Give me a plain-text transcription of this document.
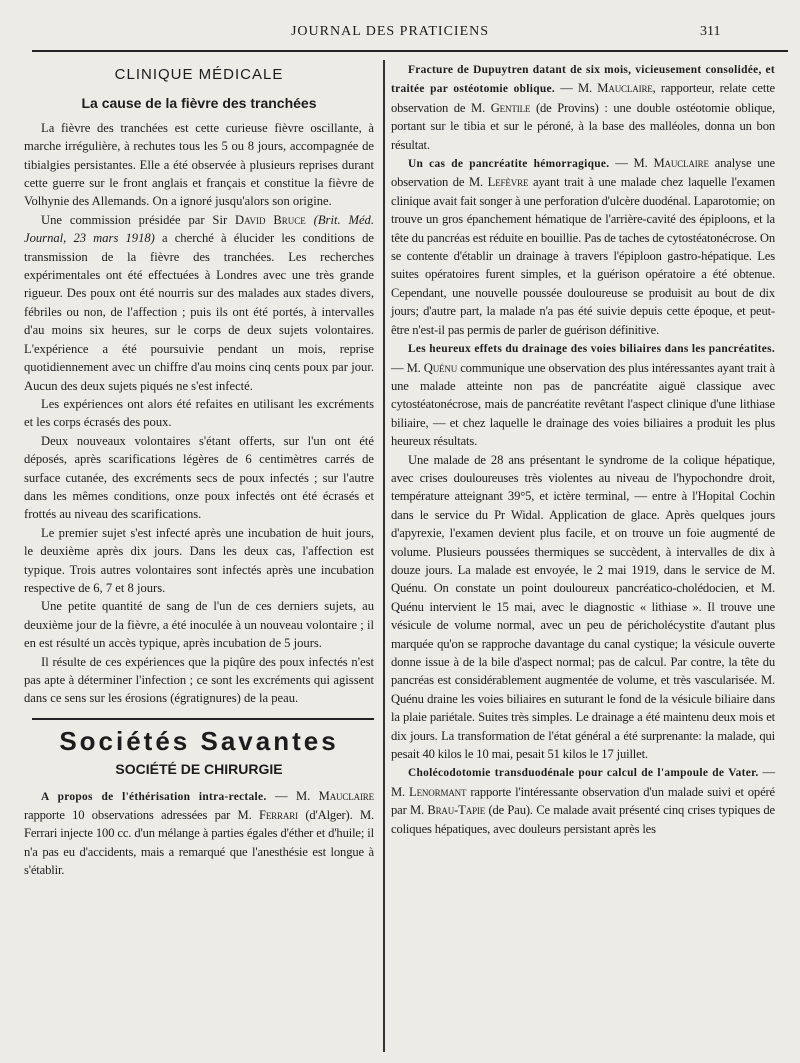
JOURNAL DES PRATICIENS	311
CLINIQUE MÉDICALE
La cause de la fièvre des tranchées

La fièvre des tranchées est cette curieuse fièvre oscillante, à marche irrégulière, à rechutes tous les 5 ou 8 jours, accompagnée de tibialgies persistantes. Elle a été observée à plusieurs reprises durant cette guerre sur le front anglais et français et constitue la fièvre de Volhynie des Allemands. On a ignoré jusqu'alors son origine.

Une commission présidée par Sir David Bruce (Brit. Méd. Journal, 23 mars 1918) a cherché à élucider les conditions de transmission de la fièvre des tranchées. Les recherches expérimentales ont été effectuées à Londres avec une très grande rigueur. Des poux ont été nourris sur des malades aux stades divers, fébriles ou non, de l'affection ; puis ils ont été portés, à intervalles d'au moins six heures, sur le corps de deux sujets volontaires. L'expérience a été poursuivie pendant un mois, reprise quotidiennement avec un chiffre d'au moins cinq cents poux par jour. Aucun des deux sujets piqués ne s'est infecté.

Les expériences ont alors été refaites en utilisant les excréments et les corps écrasés des poux.

Deux nouveaux volontaires s'étant offerts, sur l'un ont été déposés, après scarifications légères de 6 centimètres carrés de surface cutanée, des excréments secs de poux infectés ; sur l'autre dans les mêmes conditions, onze poux infectés ont été écrasés et frottés au niveau des scarifications.

Le premier sujet s'est infecté après une incubation de huit jours, le deuxième après dix jours. Dans les deux cas, l'affection est typique. Trois autres volontaires sont infectés après une incubation respective de 6, 7 et 8 jours.

Une petite quantité de sang de l'un de ces derniers sujets, au deuxième jour de la fièvre, a été inoculée à un nouveau volontaire ; il en est résulté un accès typique, après incubation de 5 jours.

Il résulte de ces expériences que la piqûre des poux infectés n'est pas apte à déterminer l'infection ; ce sont les excréments qui agissent dans ce sens sur les érosions (égratignures) de la peau.

Sociétés Savantes
SOCIÉTÉ DE CHIRURGIE

A propos de l'éthérisation intra-rectale. — M. Mauclaire rapporte 10 observations adressées par M. Ferrari (d'Alger). M. Ferrari injecte 100 cc. d'un mélange à parties égales d'éther et d'huile; il n'a pas eu d'accidents, mais a remarqué que l'anesthésie est longue à s'établir.

Fracture de Dupuytren datant de six mois, vicieusement consolidée, et traitée par ostéotomie oblique. — M. Mauclaire, rapporteur, relate cette observation de M. Gentile (de Provins) : une double ostéotomie oblique, portant sur le tibia et sur le péroné, à la base des malléoles, donna un bon résultat.

Un cas de pancréatite hémorragique. — M. Mauclaire analyse une observation de M. Lefèvre ayant trait à une malade chez laquelle l'examen clinique avait fait songer à une perforation d'ulcère duodénal. Laparotomie; on trouve un gros épanchement hématique de l'arrière-cavité des épiploons, et la tête du pancréas est réduite en bouillie. Pas de taches de cytostéatonécrose. On se contente d'établir un drainage à travers l'épiploon gastro-hépatique. Les suites opératoires furent simples, et la guérison opératoire a été obtenue. Cependant, une nouvelle poussée douloureuse se produisit au bout de dix jours; d'autre part, la malade n'a pas été suivie depuis cette époque, et peut-être n'est-il pas permis de parler de guérison définitive.

Les heureux effets du drainage des voies biliaires dans les pancréatites. — M. Quénu communique une observation des plus intéressantes ayant trait à une malade atteinte non pas de pancréatite aiguë classique avec cytostéatonécrose, mais de pancréatite revêtant l'aspect clinique d'une lithiase biliaire, — et chez laquelle le drainage des voies biliaires a produit les plus heureux résultats.

Une malade de 28 ans présentant le syndrome de la colique hépatique, avec crises douloureuses très violentes au niveau de l'hypochondre droit, température atteignant 39°5, et ictère terminal, — entre à l'Hopital Cochin dans le service du Pr Widal. Application de glace. Après quelques jours d'apyrexie, l'examen devient plus facile, et on trouve un foie augmenté de volume. Plusieurs poussées thermiques se succèdent, à intervalles de dix à douze jours. La malade est envoyée, le 2 mai 1919, dans le service de M. Quénu. On constate un point douloureux pancréatico-cholédocien, et M. Quénu intervient le 15 mai, avec le diagnostic « lithiase ». Il trouve une vésicule de volume normal, avec un peu de péricholécystite d'autant plus marquée qu'on se rapproche davantage du canal cystique; la vésicule ouverte donne issue à de la bile d'aspect normal; pas de calcul. Par contre, la tête du pancréas est considérablement augmentée de volume, et très vascularisée. M. Quénu draine les voies biliaires en suturant le fond de la vésicule biliaire dans la plaie pariétale. Suites très simples. Le drainage a été maintenu deux mois et dix jours. La transformation de l'état général a été surprenante: la malade, qui pesait 40 kilos le 10 mai, pesait 51 kilos le 17 juillet.

Cholécodotomie transduodénale pour calcul de l'ampoule de Vater. — M. Lenormant rapporte l'intéressante observation d'un malade suivi et opéré par M. Brau-Tapie (de Pau). Ce malade avait présenté cinq crises typiques de coliques hépatiques, avec douleurs persistant après les
